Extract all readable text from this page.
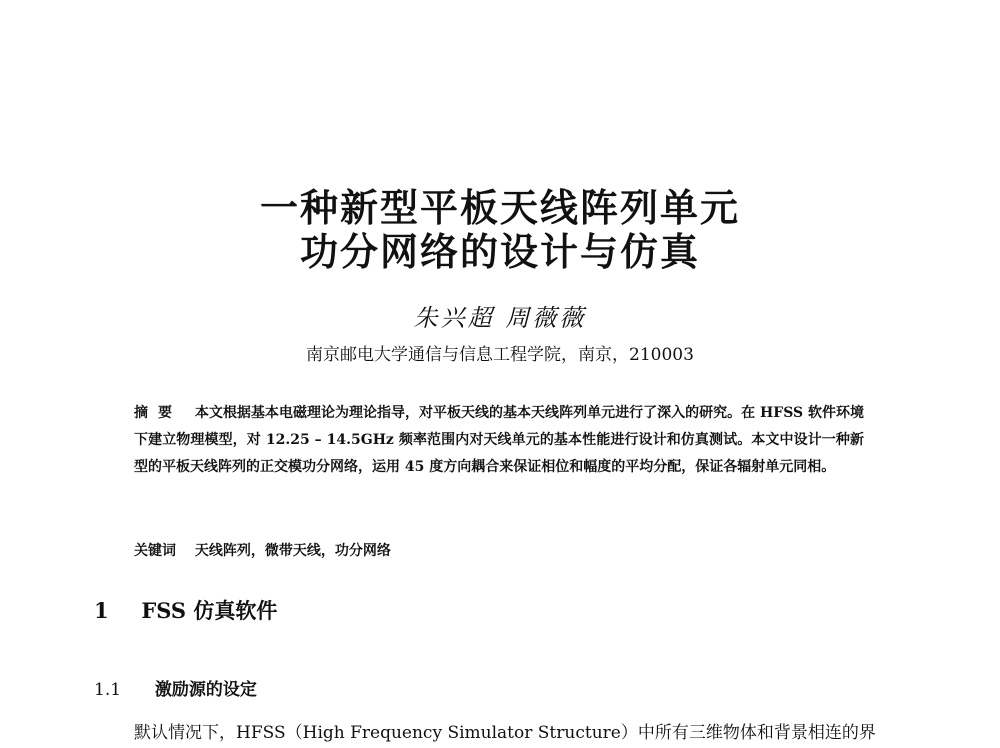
一种新型平板天线阵列单元
功分网络的设计与仿真
朱兴超 周薇薇
南京邮电大学通信与信息工程学院，南京，210003
摘要 本文根据基本电磁理论为理论指导，对平板天线的基本天线阵列单元进行了深入的研究。在 HFSS 软件环境下建立物理模型，对 12.25 – 14.5GHz 频率范围内对天线单元的基本性能进行设计和仿真测试。本文中设计一种新型的平板天线阵列的正交模功分网络，运用 45 度方向耦合来保证相位和幅度的平均分配，保证各辐射单元同相。
关键词 天线阵列，微带天线，功分网络
1 FSS 仿真软件
1.1 激励源的设定
默认情况下，HFSS（High Frequency Simulator Structure）中所有三维物体和背景相连的界
